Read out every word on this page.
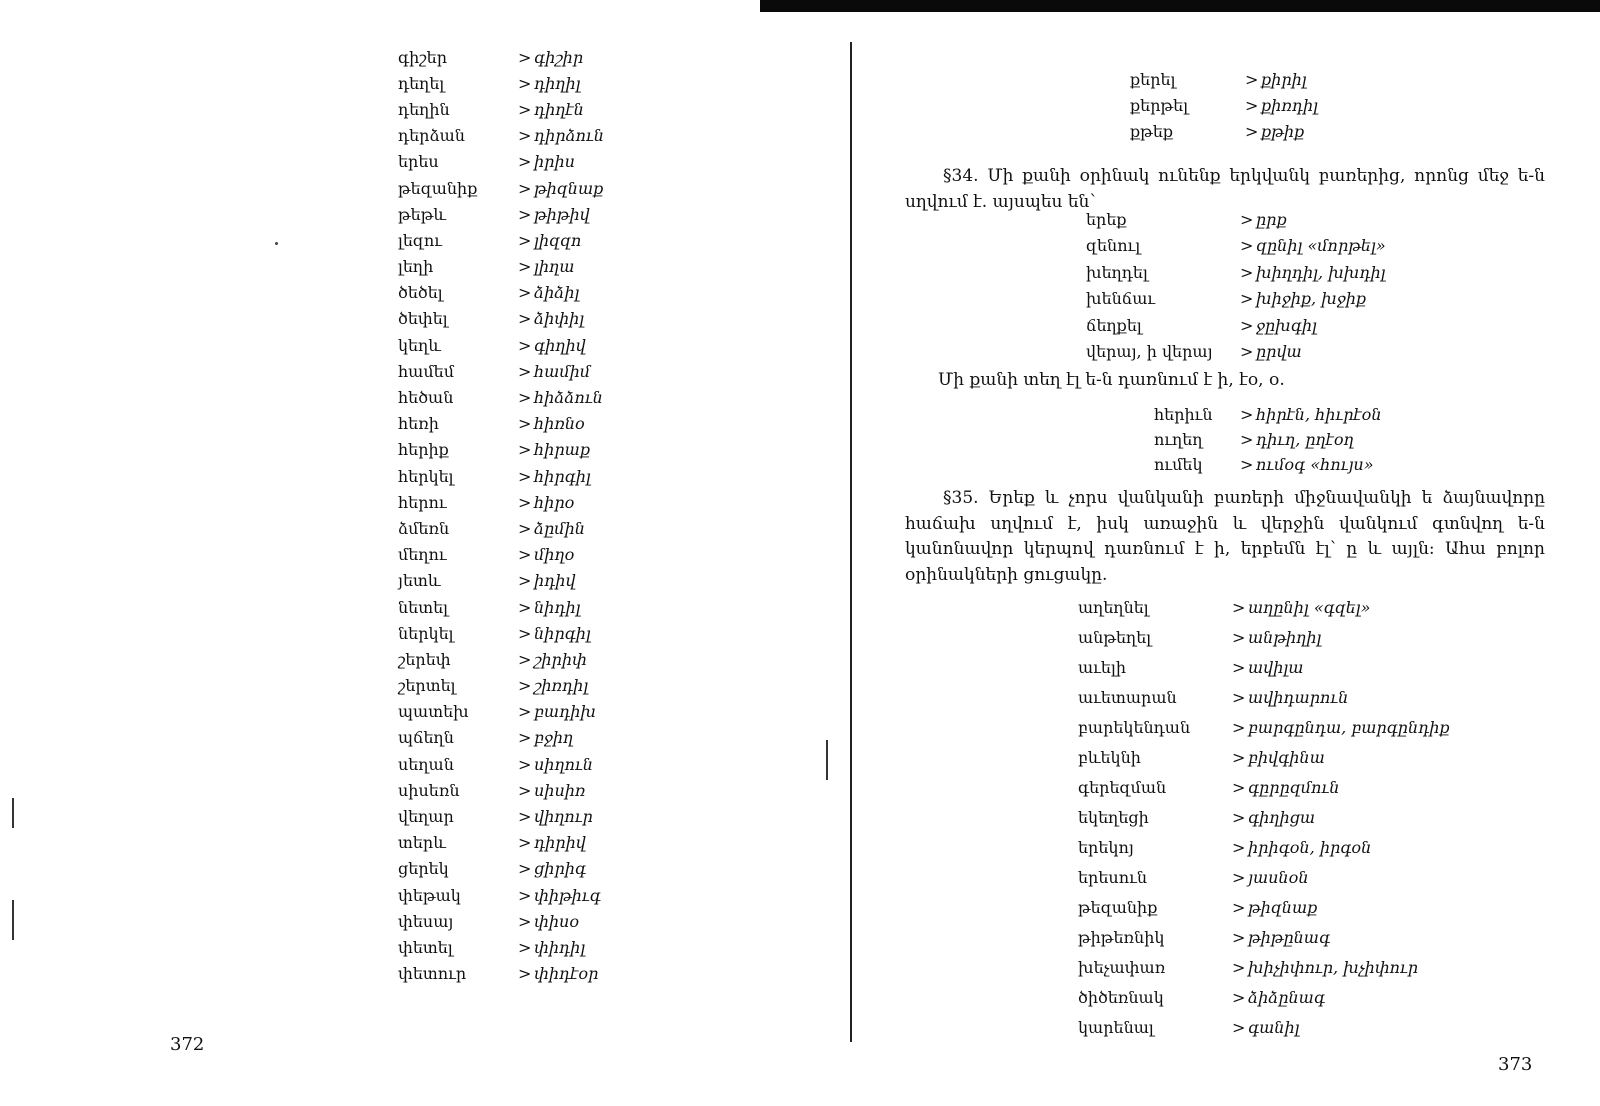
գիշեր	> գիշիր
դեղել	> դիղիլ
դեղին	> դիղէն
դերձան	> դիրձուն
երես	> իրիս
թեզանիք	> թիզնաք
թեթև	> թիթիվ
լեզու	> լիզզո
լեղի	> լիղա
ծեծել	> ձիձիլ
ծեփել	> ձիփիլ
կեղև	> գիղիվ
համեմ	> համիմ
հեծան	> հիձձուն
հեռի	> հիռնօ
հերիք	> հիրաք
հերկել	> հիրգիլ
հերու	> հիրօ
ձմեռն	> ձըմին
մեղու	> միղօ
յետև	> իդիվ
նետել	> նիդիլ
ներկել	> նիրգիլ
շերեփ	> շիրիփ
շերտել	> շիռդիլ
պատեխ	> բադիխ
պճեղն	> բջիղ
սեղան	> սիղուն
սիսեռն	> սիսիռ
վեղար	> վիղուր
տերև	> դիրիվ
ցերեկ	> ցիրիգ
փեթակ	> փիթիւգ
փեսայ	> փիսօ
փետել	> փիդիլ
փետուր	> փիդէօր
372
քերել	> քիրիլ
քերթել	> քիռդիլ
քթեք	> քթիք
§34. Մի քանի օրինակ ունենք երկվանկ բառերից, որոնց մեջ ե-ն սղվում է. այսպես են՝
երեք	> ըրք
զենուլ	> զընիլ «մորթել»
խեղդել	> խիղդիլ, խխդիլ
խենճաւ	> խիջիք, խջիք
ճեղքել	> ջըխգիլ
վերայ, ի վերայ	> ըրվա
Մի քանի տեղ էլ ե-ն դառնում է ի, էօ, օ.
հերիւն	> հիրէն, հիւրէօն
ուղեղ	> դիւղ, ըղէօղ
ումեկ	> ումօգ «հույս»
§35. Երեք և չորս վանկանի բառերի միջնավանկի ե ձայնավորը հաճախ սղվում է, իսկ առաջին և վերջին վանկում գտնվող ե-ն կանոնավոր կերպով դառնում է ի, երբեմն էլ՝ ը և այլն: Ահա բոլոր օրինակների ցուցակը.
աղեղնել	> աղընիլ «գզել»
անթեղել	> անթիղիլ
աւելի	> ավիլա
աւետարան	> ավիդարուն
բարեկենդան	> բարգընդա, բարգընդիք
բևեկնի	> բիվգինա
գերեզման	> գըրըզմուն
եկեղեցի	> գիղիցա
երեկոյ	> իրիգօն, իրգօն
երեսուն	> յասնօն
թեզանիք	> թիզնաք
թիթեռնիկ	> թիթընագ
խեչափառ	> խիչիփուր, խչիփուր
ծիծեռնակ	> ձիձընագ
կարենալ	> գանիլ
373
